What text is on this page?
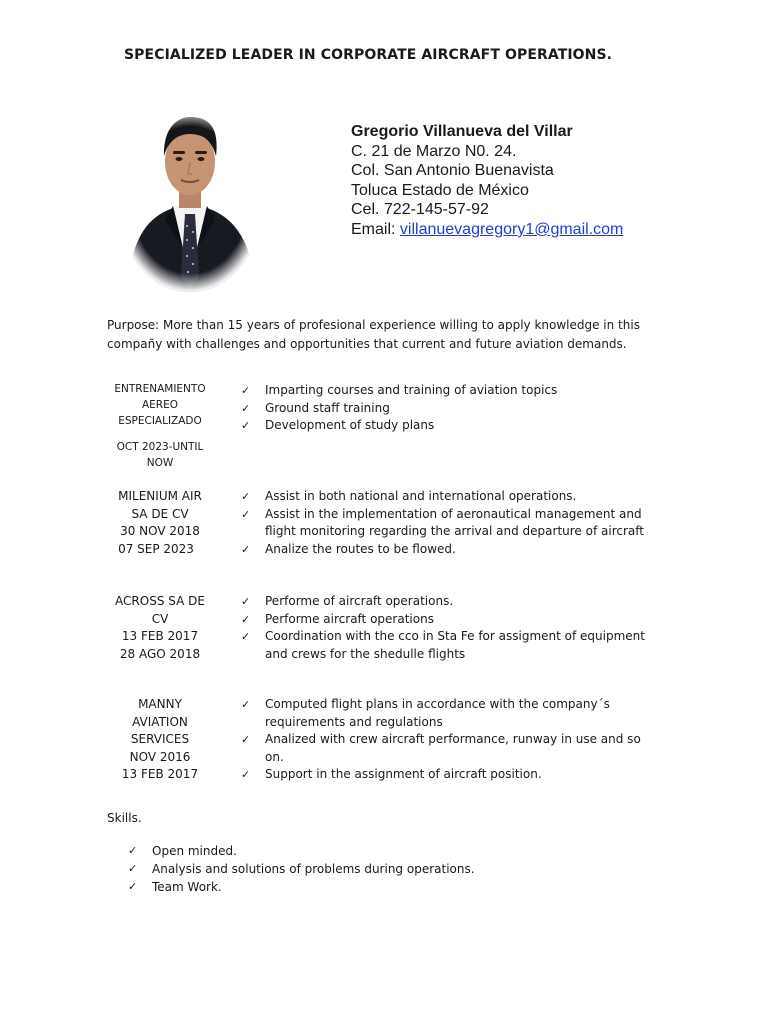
SPECIALIZED LEADER IN CORPORATE AIRCRAFT OPERATIONS.
Gregorio Villanueva del Villar
C. 21 de Marzo N0. 24.
Col. San Antonio Buenavista
Toluca Estado de México
Cel. 722-145-57-92
Email: villanuevagregory1@gmail.com
Purpose: More than 15 years of profesional experience willing to apply knowledge in this compañy with challenges and opportunities that current and future aviation demands.
ENTRENAMIENTO
AEREO
ESPECIALIZADO
OCT 2023-UNTIL
NOW
✓ Imparting courses and training of aviation topics
✓ Ground staff training
✓ Development of study plans
MILENIUM AIR
SA DE CV
30 NOV 2018
07 SEP 2023
✓ Assist in both national and international operations.
✓ Assist in the implementation of aeronautical management and flight monitoring regarding the arrival and departure of aircraft
✓ Analize the routes to be flowed.
ACROSS SA DE
CV
13 FEB 2017
28 AGO 2018
✓ Performe of aircraft operations.
✓ Performe aircraft operations
✓ Coordination with the cco in Sta Fe for assigment of equipment and crews for the shedulle flights
MANNY
AVIATION
SERVICES
NOV 2016
13 FEB 2017
✓ Computed flight plans in accordance with the company´s requirements and regulations
✓ Analized with crew aircraft performance, runway in use and so on.
✓ Support in the assignment of aircraft position.
Skills.
✓ Open minded.
✓ Analysis and solutions of problems during operations.
✓ Team Work.
